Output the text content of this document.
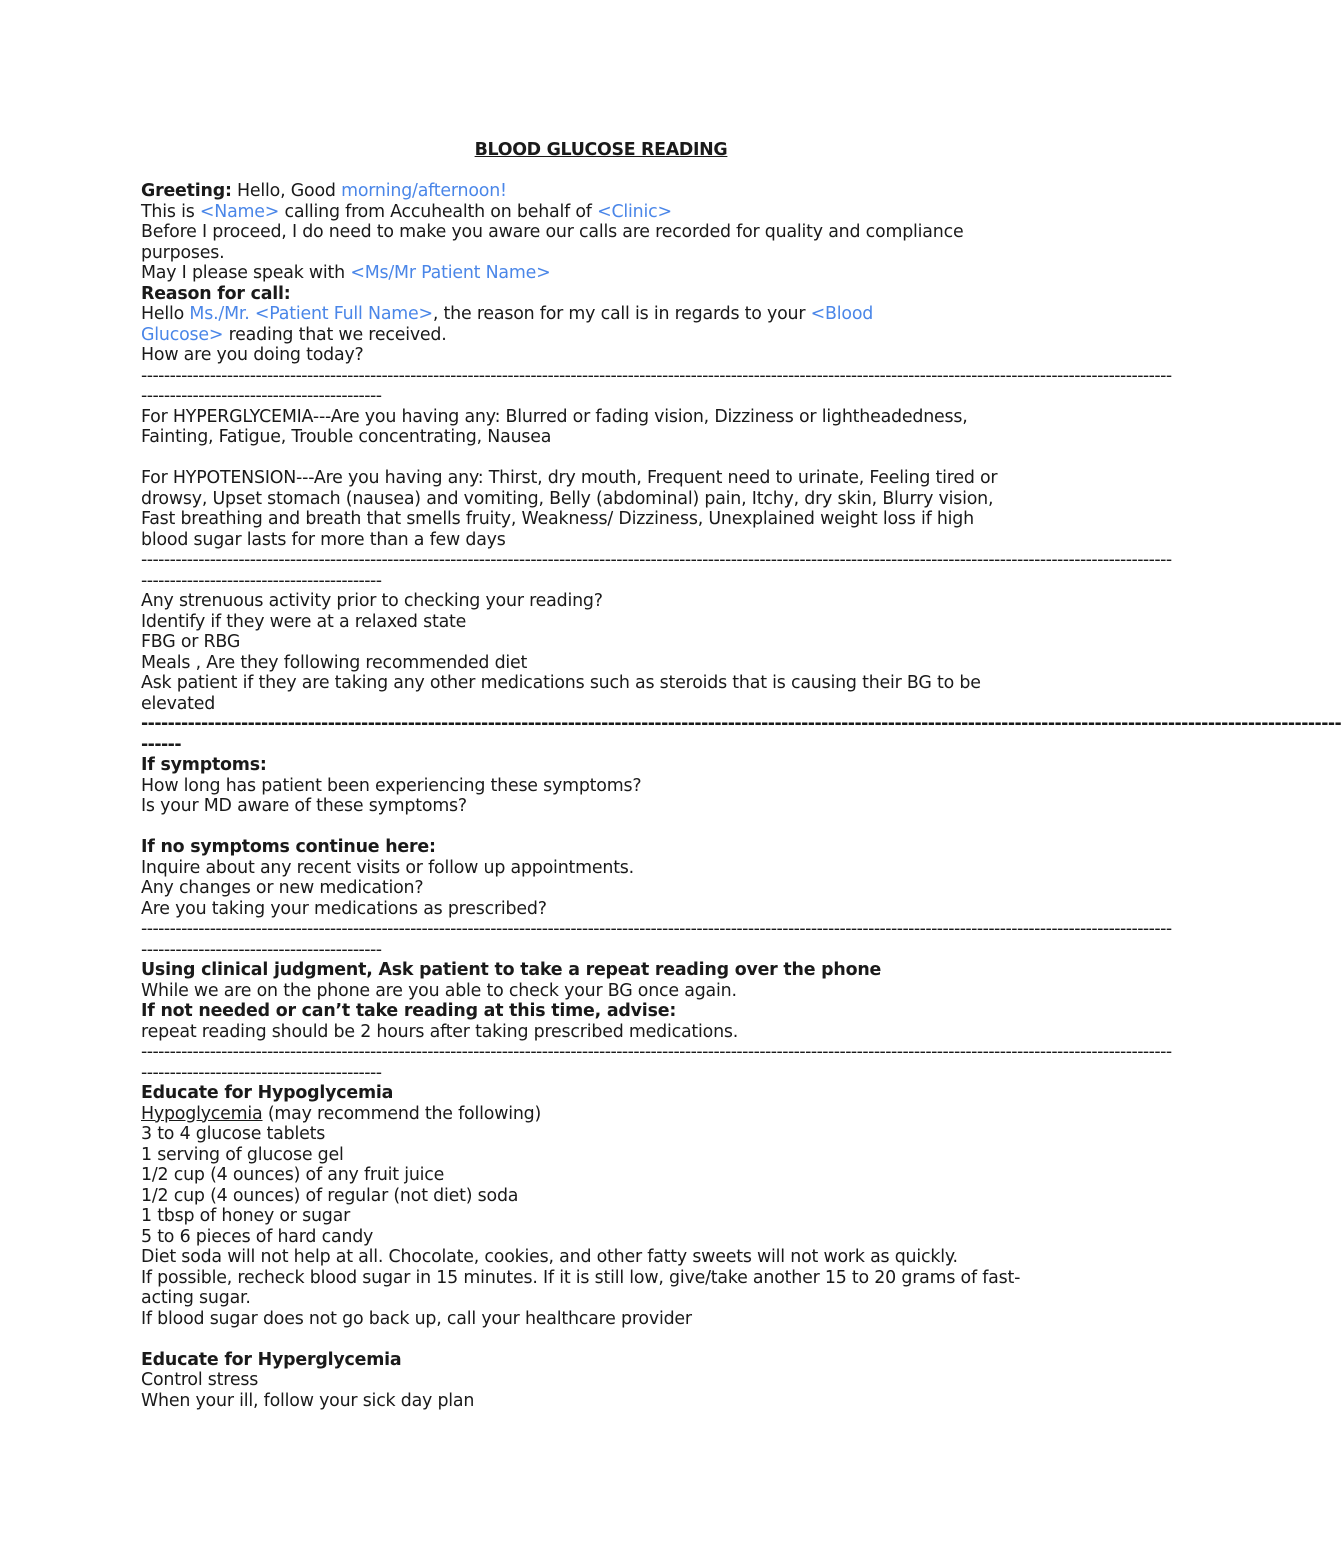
BLOOD GLUCOSE READING
Greeting: Hello, Good morning/afternoon!
This is <Name> calling from Accuhealth on behalf of <Clinic>
Before I proceed, I do need to make you aware our calls are recorded for quality and compliance
purposes.
May I please speak with <Ms/Mr Patient Name>
Reason for call:
Hello Ms./Mr. <Patient Full Name>, the reason for my call is in regards to your <Blood
Glucose> reading that we received.
How are you doing today?
------------------------------------------------------------------------------------------------------------------------------------------------------------------------------------
------------------------------------------
For HYPERGLYCEMIA---Are you having any: Blurred or fading vision, Dizziness or lightheadedness,
Fainting, Fatigue, Trouble concentrating, Nausea
For HYPOTENSION---Are you having any: Thirst, dry mouth, Frequent need to urinate, Feeling tired or
drowsy, Upset stomach (nausea) and vomiting, Belly (abdominal) pain, Itchy, dry skin, Blurry vision,
Fast breathing and breath that smells fruity, Weakness/ Dizziness, Unexplained weight loss if high
blood sugar lasts for more than a few days
------------------------------------------------------------------------------------------------------------------------------------------------------------------------------------
------------------------------------------
Any strenuous activity prior to checking your reading?
Identify if they were at a relaxed state
FBG or RBG
Meals , Are they following recommended diet
Ask patient if they are taking any other medications such as steroids that is causing their BG to be
elevated
------------------------------------------------------------------------------------------------------------------------------------------------------------------------------------
------
If symptoms:
How long has patient been experiencing these symptoms?
Is your MD aware of these symptoms?
If no symptoms continue here:
Inquire about any recent visits or follow up appointments.
Any changes or new medication?
Are you taking your medications as prescribed?
------------------------------------------------------------------------------------------------------------------------------------------------------------------------------------
------------------------------------------
Using clinical judgment, Ask patient to take a repeat reading over the phone
While we are on the phone are you able to check your BG once again.
If not needed or can’t take reading at this time, advise:
repeat reading should be 2 hours after taking prescribed medications.
------------------------------------------------------------------------------------------------------------------------------------------------------------------------------------
------------------------------------------
Educate for Hypoglycemia
Hypoglycemia (may recommend the following)
3 to 4 glucose tablets
1 serving of glucose gel
1/2 cup (4 ounces) of any fruit juice
1/2 cup (4 ounces) of regular (not diet) soda
1 tbsp of honey or sugar
5 to 6 pieces of hard candy
Diet soda will not help at all. Chocolate, cookies, and other fatty sweets will not work as quickly.
If possible, recheck blood sugar in 15 minutes. If it is still low, give/take another 15 to 20 grams of fast-
acting sugar.
If blood sugar does not go back up, call your healthcare provider
Educate for Hyperglycemia
Control stress
When your ill, follow your sick day plan
